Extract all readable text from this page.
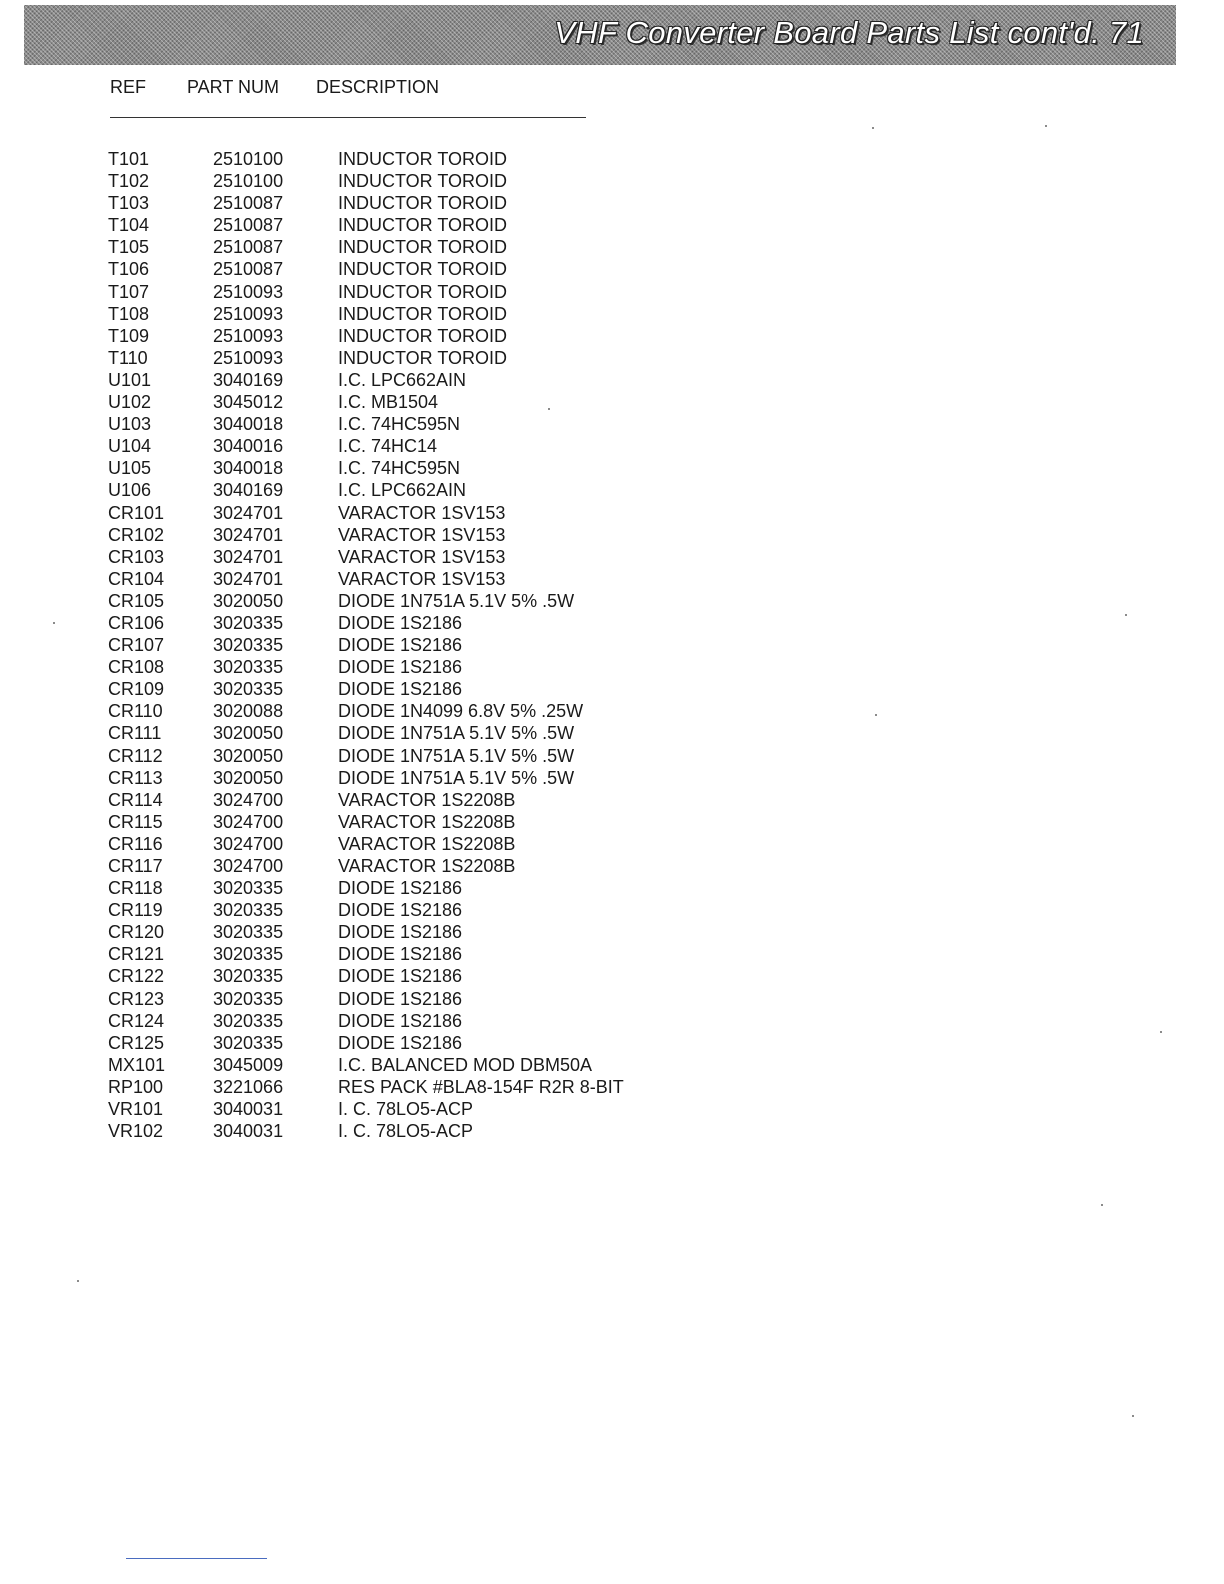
VHF Converter Board Parts List cont'd. 71
REF PART NUM DESCRIPTION
T101	2510100	INDUCTOR TOROID
T102	2510100	INDUCTOR TOROID
T103	2510087	INDUCTOR TOROID
T104	2510087	INDUCTOR TOROID
T105	2510087	INDUCTOR TOROID
T106	2510087	INDUCTOR TOROID
T107	2510093	INDUCTOR TOROID
T108	2510093	INDUCTOR TOROID
T109	2510093	INDUCTOR TOROID
T110	2510093	INDUCTOR TOROID
U101	3040169	I.C. LPC662AIN
U102	3045012	I.C. MB1504
U103	3040018	I.C. 74HC595N
U104	3040016	I.C. 74HC14
U105	3040018	I.C. 74HC595N
U106	3040169	I.C. LPC662AIN
CR101	3024701	VARACTOR 1SV153
CR102	3024701	VARACTOR 1SV153
CR103	3024701	VARACTOR 1SV153
CR104	3024701	VARACTOR 1SV153
CR105	3020050	DIODE 1N751A 5.1V 5% .5W
CR106	3020335	DIODE 1S2186
CR107	3020335	DIODE 1S2186
CR108	3020335	DIODE 1S2186
CR109	3020335	DIODE 1S2186
CR110	3020088	DIODE 1N4099 6.8V 5% .25W
CR111	3020050	DIODE 1N751A 5.1V 5% .5W
CR112	3020050	DIODE 1N751A 5.1V 5% .5W
CR113	3020050	DIODE 1N751A 5.1V 5% .5W
CR114	3024700	VARACTOR 1S2208B
CR115	3024700	VARACTOR 1S2208B
CR116	3024700	VARACTOR 1S2208B
CR117	3024700	VARACTOR 1S2208B
CR118	3020335	DIODE 1S2186
CR119	3020335	DIODE 1S2186
CR120	3020335	DIODE 1S2186
CR121	3020335	DIODE 1S2186
CR122	3020335	DIODE 1S2186
CR123	3020335	DIODE 1S2186
CR124	3020335	DIODE 1S2186
CR125	3020335	DIODE 1S2186
MX101	3045009	I.C. BALANCED MOD DBM50A
RP100	3221066	RES PACK #BLA8-154F R2R 8-BIT
VR101	3040031	I. C. 78LO5-ACP
VR102	3040031	I. C. 78LO5-ACP
